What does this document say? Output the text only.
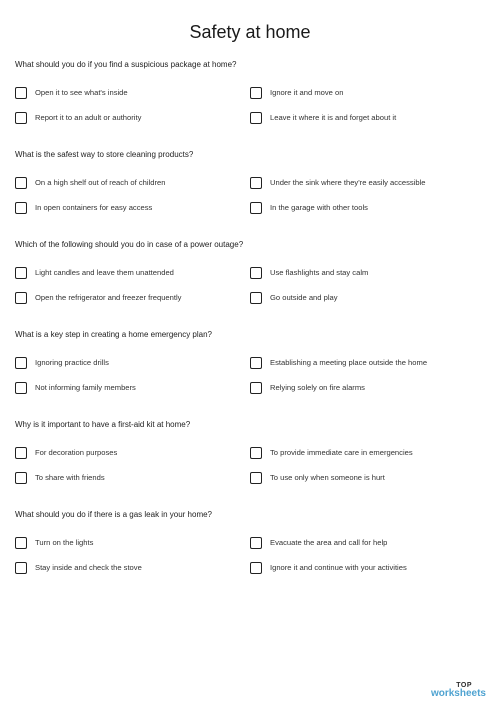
Safety at home

What should you do if you find a suspicious package at home?

Open it to see what's inside	Ignore it and move on
Report it to an adult or authority	Leave it where it is and forget about it

What is the safest way to store cleaning products?

On a high shelf out of reach of children	Under the sink where they're easily accessible
In open containers for easy access	In the garage with other tools

Which of the following should you do in case of a power outage?

Light candles and leave them unattended	Use flashlights and stay calm
Open the refrigerator and freezer frequently	Go outside and play

What is a key step in creating a home emergency plan?

Ignoring practice drills	Establishing a meeting place outside the home
Not informing family members	Relying solely on fire alarms

Why is it important to have a first-aid kit at home?

For decoration purposes	To provide immediate care in emergencies
To share with friends	To use only when someone is hurt

What should you do if there is a gas leak in your home?

Turn on the lights	Evacuate the area and call for help
Stay inside and check the stove	Ignore it and continue with your activities
TOP
worksheets
